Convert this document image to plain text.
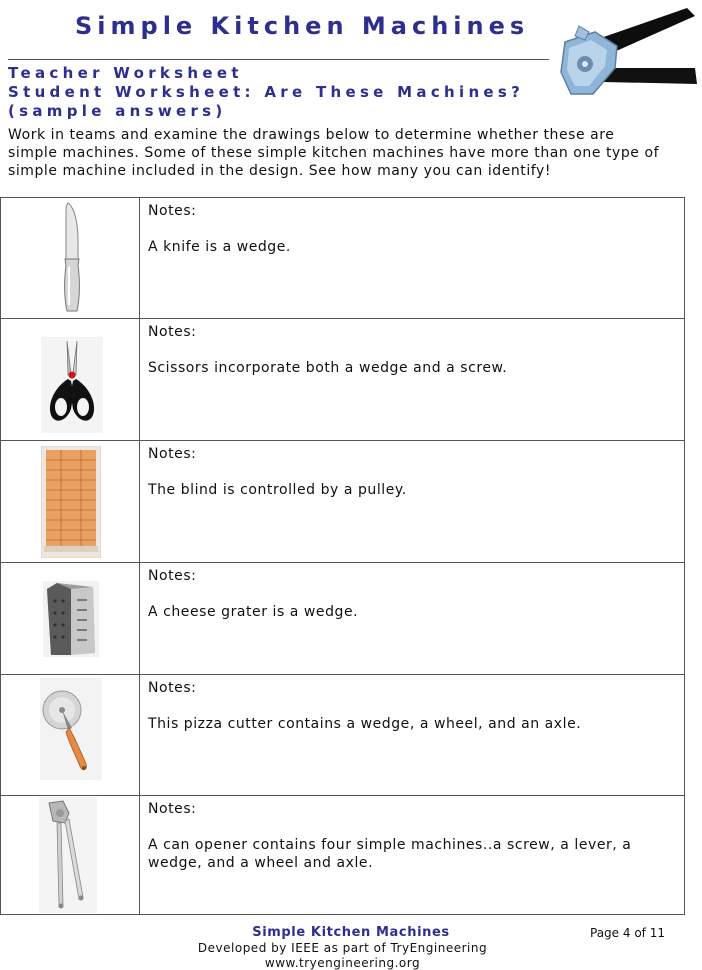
Simple Kitchen Machines
Teacher Worksheet
Student Worksheet: Are These Machines?
(sample answers)

Work in teams and examine the drawings below to determine whether these are simple machines. Some of these simple kitchen machines have more than one type of simple machine included in the design. See how many you can identify!

Notes:
A knife is a wedge.
Notes:
Scissors incorporate both a wedge and a screw.
Notes:
The blind is controlled by a pulley.
Notes:
A cheese grater is a wedge.
Notes:
This pizza cutter contains a wedge, a wheel, and an axle.
Notes:
A can opener contains four simple machines..a screw, a lever, a wedge, and a wheel and axle.
Simple Kitchen Machines	Page 4 of 11
Developed by IEEE as part of TryEngineering
www.tryengineering.org
